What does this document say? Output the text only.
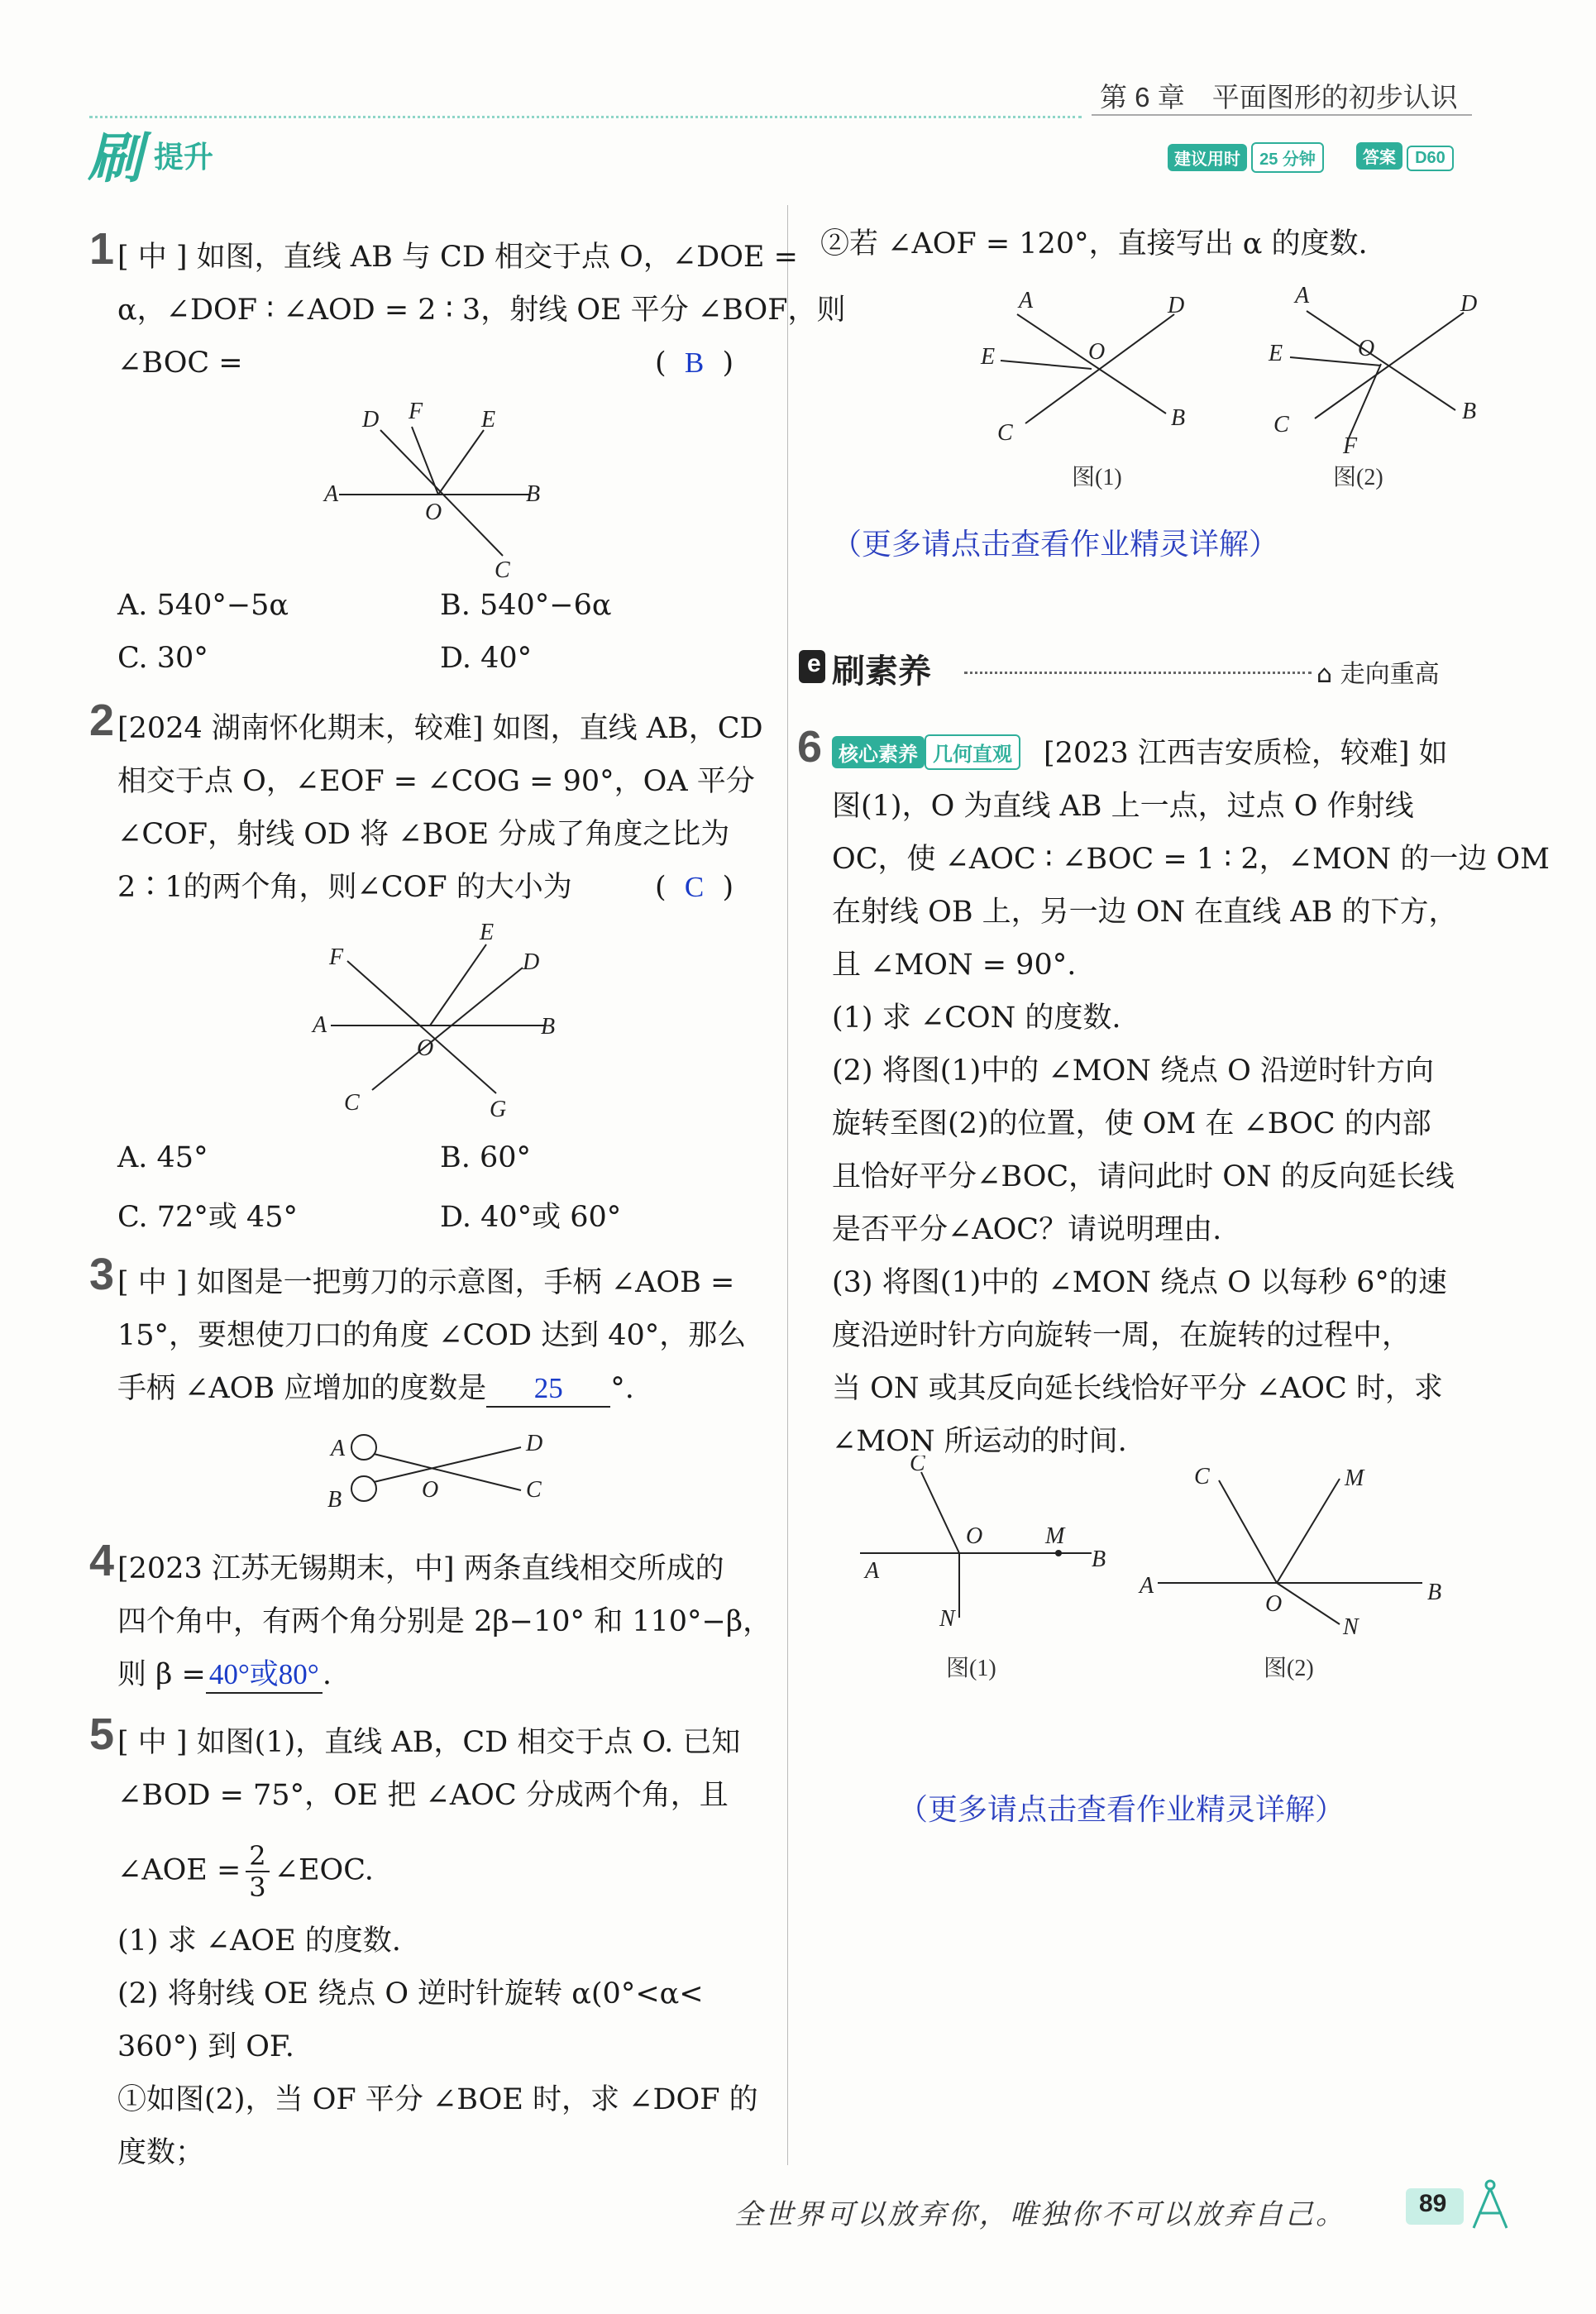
第 6 章　平面图形的初步认识
刷 提升	建议用时 25 分钟	答案 D60
1 [ 中 ] 如图，直线 AB 与 CD 相交于点 O，∠DOE =
α，∠DOF ∶ ∠AOD = 2 ∶ 3，射线 OE 平分 ∠BOF，则
∠BOC =	(  B  )
A	B
C
D F	E
O
A. 540°−5α	B. 540°−6α
C. 30°	D. 40°
2 [2024 湖南怀化期末，较难] 如图，直线 AB，CD
相交于点 O，∠EOF = ∠COG = 90°，OA 平分
∠COF，射线 OD 将 ∠BOE 分成了角度之比为
2∶1的两个角，则∠COF 的大小为	(  C  )
A	B
C
D
E
F
G
O
A. 45°	B. 60°
C. 72°或 45°	D. 40°或 60°
3 [ 中 ] 如图是一把剪刀的示意图，手柄 ∠AOB =
15°，要想使刀口的角度 ∠COD 达到 40°，那么
手柄 ∠AOB 应增加的度数是 25 °.
A
B	C
D
O
4 [2023 江苏无锡期末，中] 两条直线相交所成的
四个角中，有两个角分别是 2β−10° 和 110°−β，
则 β = 40°或80° .
5 [ 中 ] 如图(1)，直线 AB，CD 相交于点 O. 已知
∠BOD = 75°，OE 把 ∠AOC 分成两个角，且
∠AOE = $\frac{2}{3}$ ∠EOC.
(1) 求 ∠AOE 的度数.
(2) 将射线 OE 绕点 O 逆时针旋转 α(0°<α<
360°) 到 OF.
①如图(2)，当 OF 平分 ∠BOE 时，求 ∠DOF 的
度数；
②若 ∠AOF = 120°，直接写出 α 的度数.
A	D
E	O
C
B
图(1)
A	D
E	O
C
F
B
图(2)
（更多请点击查看作业精灵详解）
e 刷素养	⌂ 走向重高
6 核心素养 几何直观 [2023 江西吉安质检，较难] 如
图(1)，O 为直线 AB 上一点，过点 O 作射线
OC，使 ∠AOC ∶ ∠BOC = 1 ∶ 2，∠MON 的一边 OM
在射线 OB 上，另一边 ON 在直线 AB 的下方，
且 ∠MON = 90°.
(1) 求 ∠CON 的度数.
(2) 将图(1)中的 ∠MON 绕点 O 沿逆时针方向
旋转至图(2)的位置，使 OM 在 ∠BOC 的内部
且恰好平分∠BOC，请问此时 ON 的反向延长线
是否平分∠AOC？请说明理由.
(3) 将图(1)中的 ∠MON 绕点 O 以每秒 6°的速
度沿逆时针方向旋转一周，在旋转的过程中，
当 ON 或其反向延长线恰好平分 ∠AOC 时，求
∠MON 所运动的时间.
C
A
O	M
B
N
图(1)
C	M
A
O	B
N
图(2)
（更多请点击查看作业精灵详解）
全世界可以放弃你，唯独你不可以放弃自己。	89
